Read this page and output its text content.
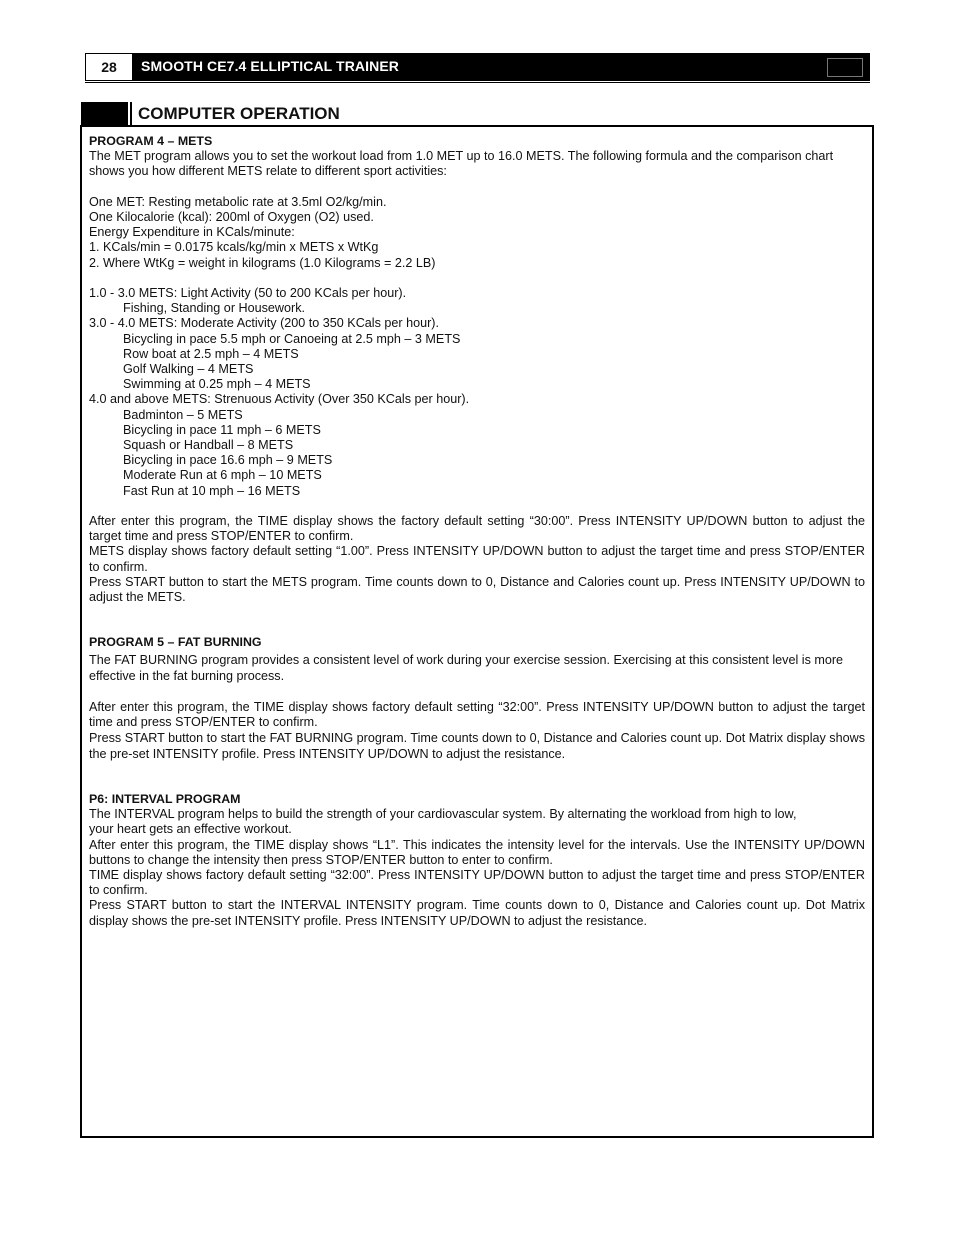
28	SMOOTH CE7.4 ELLIPTICAL TRAINER
COMPUTER OPERATION
PROGRAM 4 – METS
The MET program allows you to set the workout load from 1.0 MET up to 16.0 METS. The following formula and the comparison chart shows you how different METS relate to different sport activities:
One MET: Resting metabolic rate at 3.5ml O2/kg/min.
One Kilocalorie (kcal): 200ml of Oxygen (O2) used.
Energy Expenditure in KCals/minute:
1. KCals/min = 0.0175 kcals/kg/min x METS x WtKg
2. Where WtKg = weight in kilograms (1.0 Kilograms = 2.2 LB)
1.0 - 3.0 METS: Light Activity (50 to 200 KCals per hour).
Fishing, Standing or Housework.
3.0 - 4.0 METS: Moderate Activity (200 to 350 KCals per hour).
Bicycling in pace 5.5 mph or Canoeing at 2.5 mph – 3 METS
Row boat at 2.5 mph – 4 METS
Golf Walking – 4 METS
Swimming at 0.25 mph – 4 METS
4.0 and above METS: Strenuous Activity (Over 350 KCals per hour).
Badminton – 5 METS
Bicycling in pace 11 mph – 6 METS
Squash or Handball – 8 METS
Bicycling in pace 16.6 mph – 9 METS
Moderate Run at 6 mph – 10 METS
Fast Run at 10 mph – 16 METS
After enter this program, the TIME display shows the factory default setting “30:00”. Press INTENSITY UP/DOWN button to adjust the target time and press STOP/ENTER to confirm.
METS display shows factory default setting “1.00”. Press INTENSITY UP/DOWN button to adjust the target time and press STOP/ENTER to confirm.
Press START button to start the METS program. Time counts down to 0, Distance and Calories count up. Press INTENSITY UP/DOWN to adjust the METS.
PROGRAM 5 – FAT BURNING
The FAT BURNING program provides a consistent level of work during your exercise session. Exercising at this consistent level is more effective in the fat burning process.
After enter this program, the TIME display shows factory default setting “32:00”. Press INTENSITY UP/DOWN button to adjust the target time and press STOP/ENTER to confirm.
Press START button to start the FAT BURNING program. Time counts down to 0, Distance and Calories count up. Dot Matrix display shows the pre-set INTENSITY profile. Press INTENSITY UP/DOWN to adjust the resistance.
P6: INTERVAL PROGRAM
The INTERVAL program helps to build the strength of your cardiovascular system. By alternating the workload from high to low,
your heart gets an effective workout.
After enter this program, the TIME display shows “L1”. This indicates the intensity level for the intervals. Use the INTENSITY UP/DOWN buttons to change the intensity then press STOP/ENTER button to enter to confirm.
TIME display shows factory default setting “32:00”. Press INTENSITY UP/DOWN button to adjust the target time and press STOP/ENTER to confirm.
Press START button to start the INTERVAL INTENSITY program. Time counts down to 0, Distance and Calories count up. Dot Matrix display shows the pre-set INTENSITY profile. Press INTENSITY UP/DOWN to adjust the resistance.
